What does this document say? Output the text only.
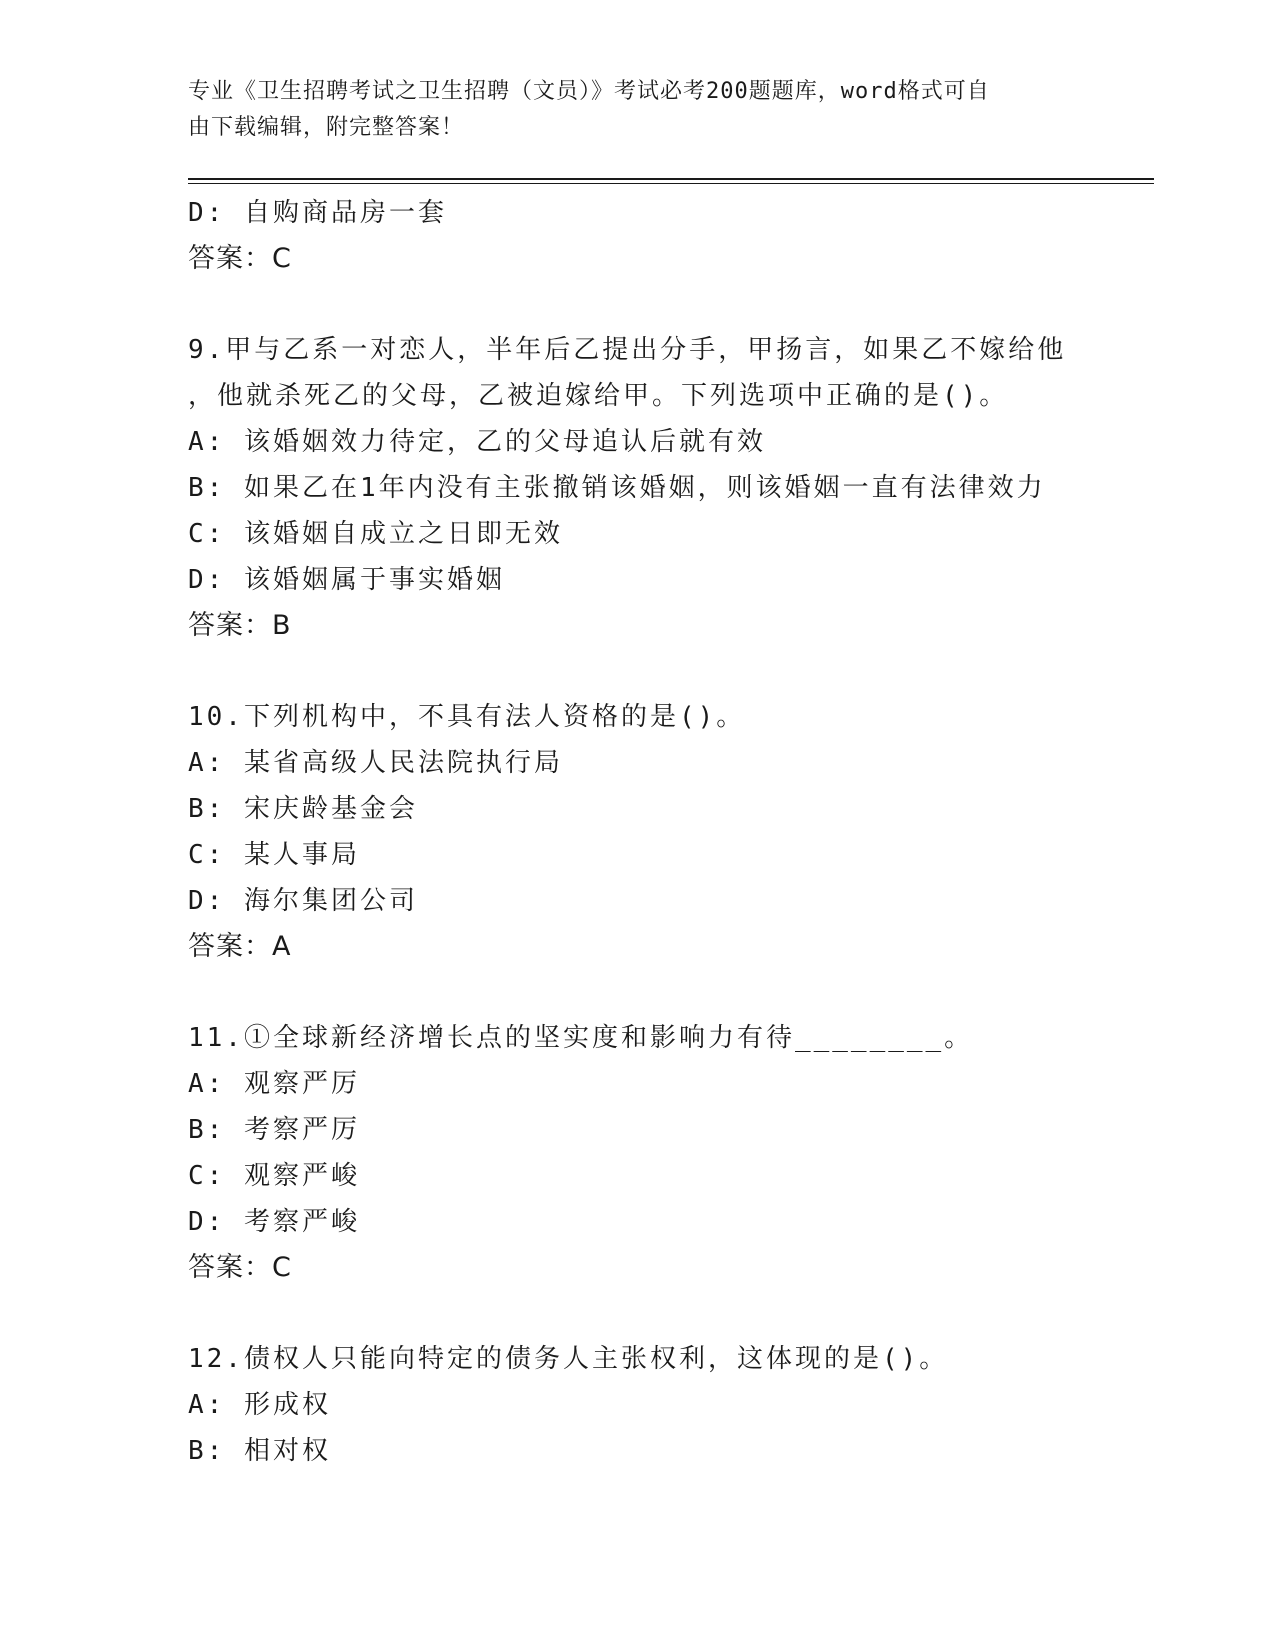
专业《卫生招聘考试之卫生招聘（文员）》考试必考200题题库，word格式可自
由下载编辑，附完整答案！
D: 自购商品房一套
答案：C
9.甲与乙系一对恋人，半年后乙提出分手，甲扬言，如果乙不嫁给他
，他就杀死乙的父母，乙被迫嫁给甲。下列选项中正确的是()。
A: 该婚姻效力待定，乙的父母追认后就有效
B: 如果乙在1年内没有主张撤销该婚姻，则该婚姻一直有法律效力
C: 该婚姻自成立之日即无效
D: 该婚姻属于事实婚姻
答案：B
10.下列机构中，不具有法人资格的是()。
A: 某省高级人民法院执行局
B: 宋庆龄基金会
C: 某人事局
D: 海尔集团公司
答案：A
11.①全球新经济增长点的坚实度和影响力有待________。
A: 观察严厉
B: 考察严厉
C: 观察严峻
D: 考察严峻
答案：C
12.债权人只能向特定的债务人主张权利，这体现的是()。
A: 形成权
B: 相对权
